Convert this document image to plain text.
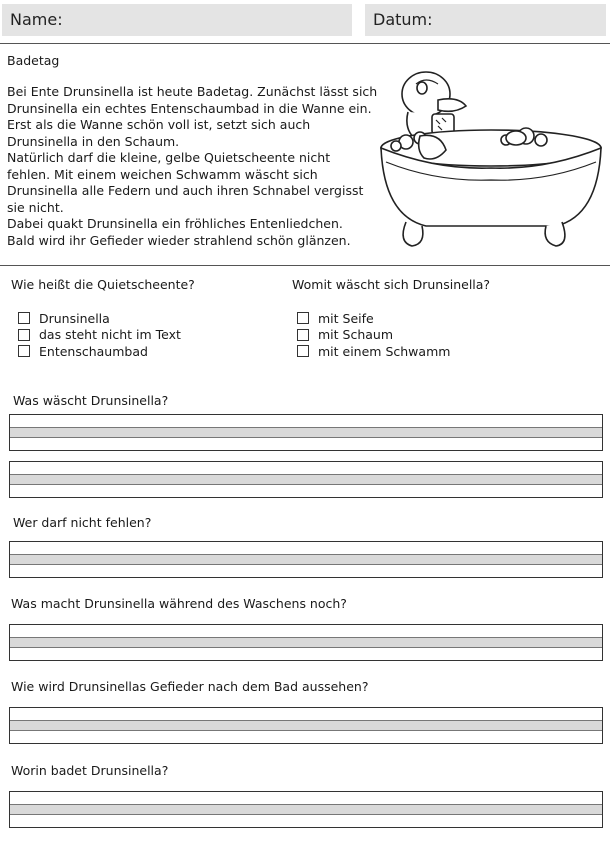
Name:	Datum:
Badetag
Bei Ente Drunsinella ist heute Badetag. Zunächst lässt sich
Drunsinella ein echtes Entenschaumbad in die Wanne ein.
Erst als die Wanne schön voll ist, setzt sich auch
Drunsinella in den Schaum.
Natürlich darf die kleine, gelbe Quietscheente nicht
fehlen. Mit einem weichen Schwamm wäscht sich
Drunsinella alle Federn und auch ihren Schnabel vergisst
sie nicht.
Dabei quakt Drunsinella ein fröhliches Entenliedchen.
Bald wird ihr Gefieder wieder strahlend schön glänzen.
Wie heißt die Quietscheente?
Drunsinella
das steht nicht im Text
Entenschaumbad
Womit wäscht sich Drunsinella?
mit Seife
mit Schaum
mit einem Schwamm
Was wäscht Drunsinella?
Wer darf nicht fehlen?
Was macht Drunsinella während des Waschens noch?
Wie wird Drunsinellas Gefieder nach dem Bad aussehen?
Worin badet Drunsinella?
